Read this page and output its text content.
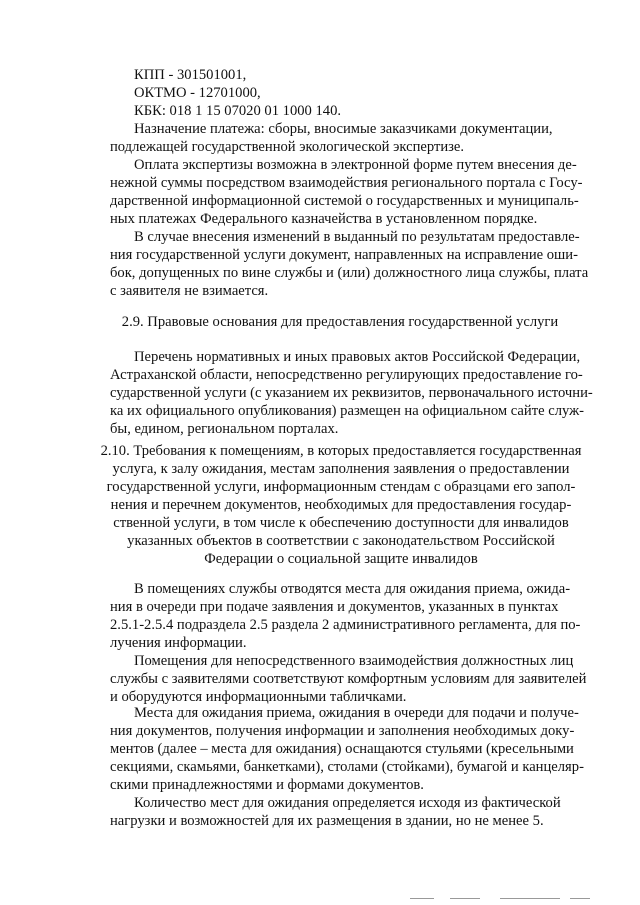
КПП - 301501001,
ОКТМО - 12701000,
КБК: 018 1 15 07020 01 1000 140.
Назначение платежа: сборы, вносимые заказчиками документации,
подлежащей государственной экологической экспертизе.
Оплата экспертизы возможна в электронной форме путем внесения де-
нежной суммы посредством взаимодействия регионального портала с Госу-
дарственной информационной системой о государственных и муниципаль-
ных платежах Федерального казначейства в установленном порядке.
В случае внесения изменений в выданный по результатам предоставле-
ния государственной услуги документ, направленных на исправление оши-
бок, допущенных по вине службы и (или) должностного лица службы, плата
с заявителя не взимается.
2.9. Правовые основания для предоставления государственной услуги
Перечень нормативных и иных правовых актов Российской Федерации,
Астраханской области, непосредственно регулирующих предоставление го-
сударственной услуги (с указанием их реквизитов, первоначального источни-
ка их официального опубликования) размещен на официальном сайте служ-
бы, едином, региональном порталах.
2.10. Требования к помещениям, в которых предоставляется государственная
услуга, к залу ожидания, местам заполнения заявления о предоставлении
государственной услуги, информационным стендам с образцами его запол-
нения и перечнем документов, необходимых для предоставления государ-
ственной услуги, в том числе к обеспечению доступности для инвалидов
указанных объектов в соответствии с законодательством Российской
Федерации о социальной защите инвалидов
В помещениях службы отводятся места для ожидания приема, ожида-
ния в очереди при подаче заявления и документов, указанных в пунктах
2.5.1-2.5.4 подраздела 2.5 раздела 2 административного регламента, для по-
лучения информации.
Помещения для непосредственного взаимодействия должностных лиц
службы с заявителями соответствуют комфортным условиям для заявителей
и оборудуются информационными табличками.
Места для ожидания приема, ожидания в очереди для подачи и получе-
ния документов, получения информации и заполнения необходимых доку-
ментов (далее – места для ожидания) оснащаются стульями (кресельными
секциями, скамьями, банкетками), столами (стойками), бумагой и канцеляр-
скими принадлежностями и формами документов.
Количество мест для ожидания определяется исходя из фактической
нагрузки и возможностей для их размещения в здании, но не менее 5.
